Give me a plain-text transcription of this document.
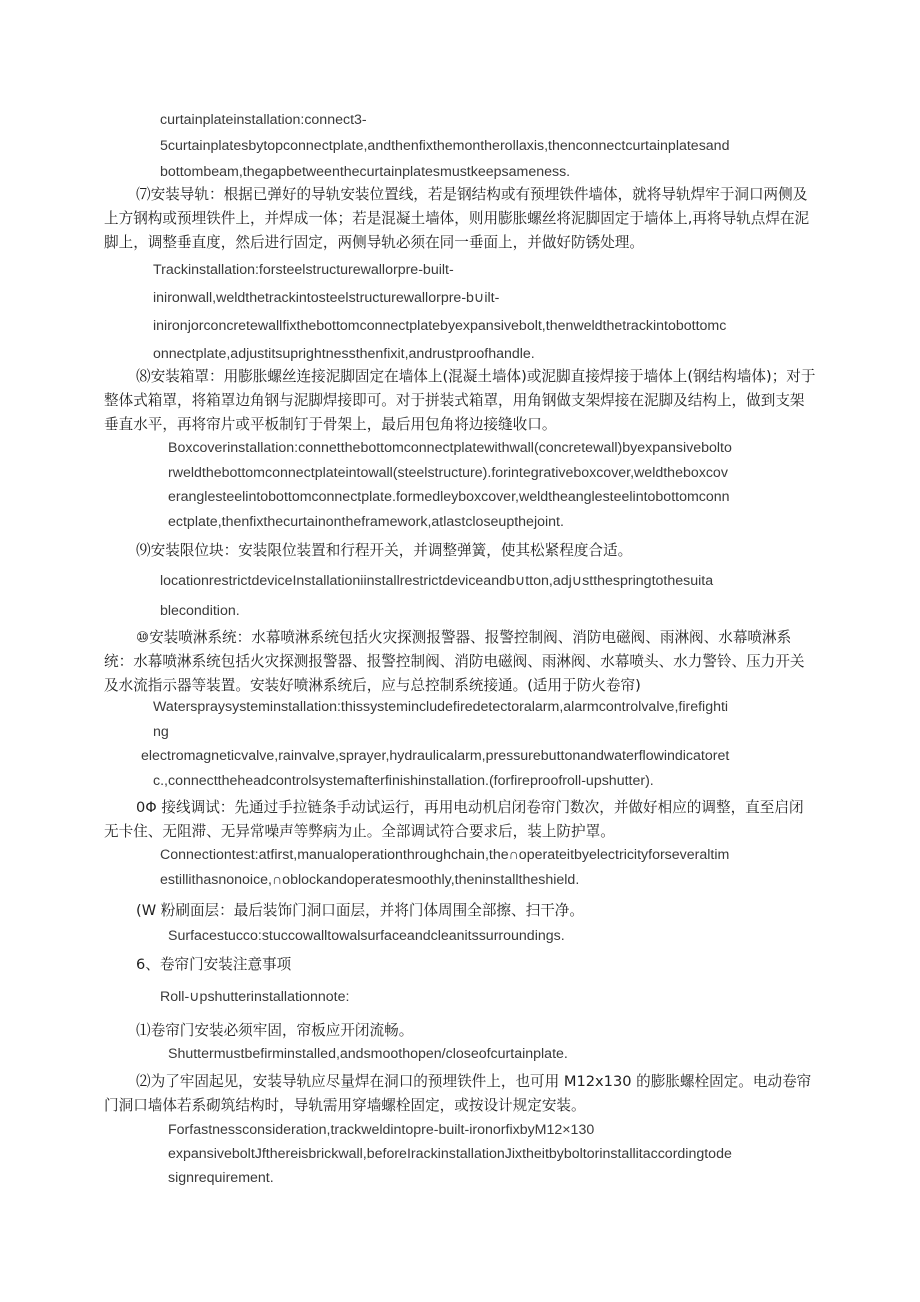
curtainplateinstallation:connect3-
5curtainplatesbytopconnectplate,andthenfixthemontherollaxis,thenconnectcurtainplatesand
bottombeam,thegapbetweenthecurtainplatesmustkeepsameness.
⑺安装导轨：根据已弹好的导轨安装位置线，若是钢结构或有预埋铁件墙体，就将导轨焊牢于洞口两侧及上方钢构或预埋铁件上，并焊成一体；若是混凝土墙体，则用膨胀螺丝将泥脚固定于墙体上,再将导轨点焊在泥脚上，调整垂直度，然后进行固定，两侧导轨必须在同一垂面上，并做好防锈处理。
Trackinstallation:forsteelstructurewallorpre-built-
inironwall,weldthetrackintosteelstructurewallorpre-b∪ilt-
inironjorconcretewallfixthebottomconnectplatebyexpansivebolt,thenweldthetrackintobottomc
onnectplate,adjustitsuprightnessthenfixit,andrustproofhandle.
⑻安装箱罩：用膨胀螺丝连接泥脚固定在墙体上(混凝土墙体)或泥脚直接焊接于墙体上(钢结构墙体)；对于整体式箱罩，将箱罩边角钢与泥脚焊接即可。对于拼装式箱罩，用角钢做支架焊接在泥脚及结构上，做到支架垂直水平，再将帘片或平板制钉于骨架上，最后用包角将边接缝收口。
Boxcoverinstallation:connetthebottomconnectplatewithwall(concretewall)byexpansivebolto
rweldthebottomconnectplateintowall(steelstructure).forintegrativeboxcover,weldtheboxcov
eranglesteelintobottomconnectplate.formedleyboxcover,weldtheanglesteelintobottomconn
ectplate,thenfixthecurtainontheframework,atlastcloseupthejoint.
⑼安装限位块：安装限位装置和行程开关，并调整弹簧，使其松紧程度合适。
locationrestrictdeviceInstallationiinstallrestrictdeviceandb∪tton,adj∪stthespringtothesuita
blecondition.
⑩安装喷淋系统：水幕喷淋系统包括火灾探测报警器、报警控制阀、消防电磁阀、雨淋阀、水幕喷淋系统：水幕喷淋系统包括火灾探测报警器、报警控制阀、消防电磁阀、雨淋阀、水幕喷头、水力警铃、压力开关及水流指示器等装置。安装好喷淋系统后，应与总控制系统接通。(适用于防火卷帘)
Waterspraysysteminstallation:thissystemincludefiredetectoralarm,alarmcontrolvalve,firefighti
ng
electromagneticvalve,rainvalve,sprayer,hydraulicalarm,pressurebuttonandwaterflowindicatoret
c.,connecttheheadcontrolsystemafterfinishinstallation.(forfireproofroll-upshutter).
0Φ 接线调试：先通过手拉链条手动试运行，再用电动机启闭卷帘门数次，并做好相应的调整，直至启闭无卡住、无阻滞、无异常噪声等弊病为止。全部调试符合要求后，装上防护罩。
Connectiontest:atfirst,manualoperationthroughchain,the∩operateitbyelectricityforseveraltim
estillithasnonoice,∩oblockandoperatesmoothly,theninstalltheshield.
(W 粉刷面层：最后装饰门洞口面层，并将门体周围全部擦、扫干净。
Surfacestucco:stuccowalltowalsurfaceandcleanitssurroundings.
6、卷帘门安装注意事项
Roll-∪pshutterinstallationnote:
⑴卷帘门安装必须牢固，帘板应开闭流畅。
Shuttermustbefirminstalled,andsmoothopen/closeofcurtainplate.
⑵为了牢固起见，安装导轨应尽量焊在洞口的预埋铁件上，也可用 M12x130 的膨胀螺栓固定。电动卷帘门洞口墙体若系砌筑结构时，导轨需用穿墙螺栓固定，或按设计规定安装。
Forfastnessconsideration,trackweldintopre-built-ironorfixbyM12×130
expansiveboltJfthereisbrickwall,beforeIrackinstallationJixtheitbyboltorinstallitaccordingtode
signrequirement.
